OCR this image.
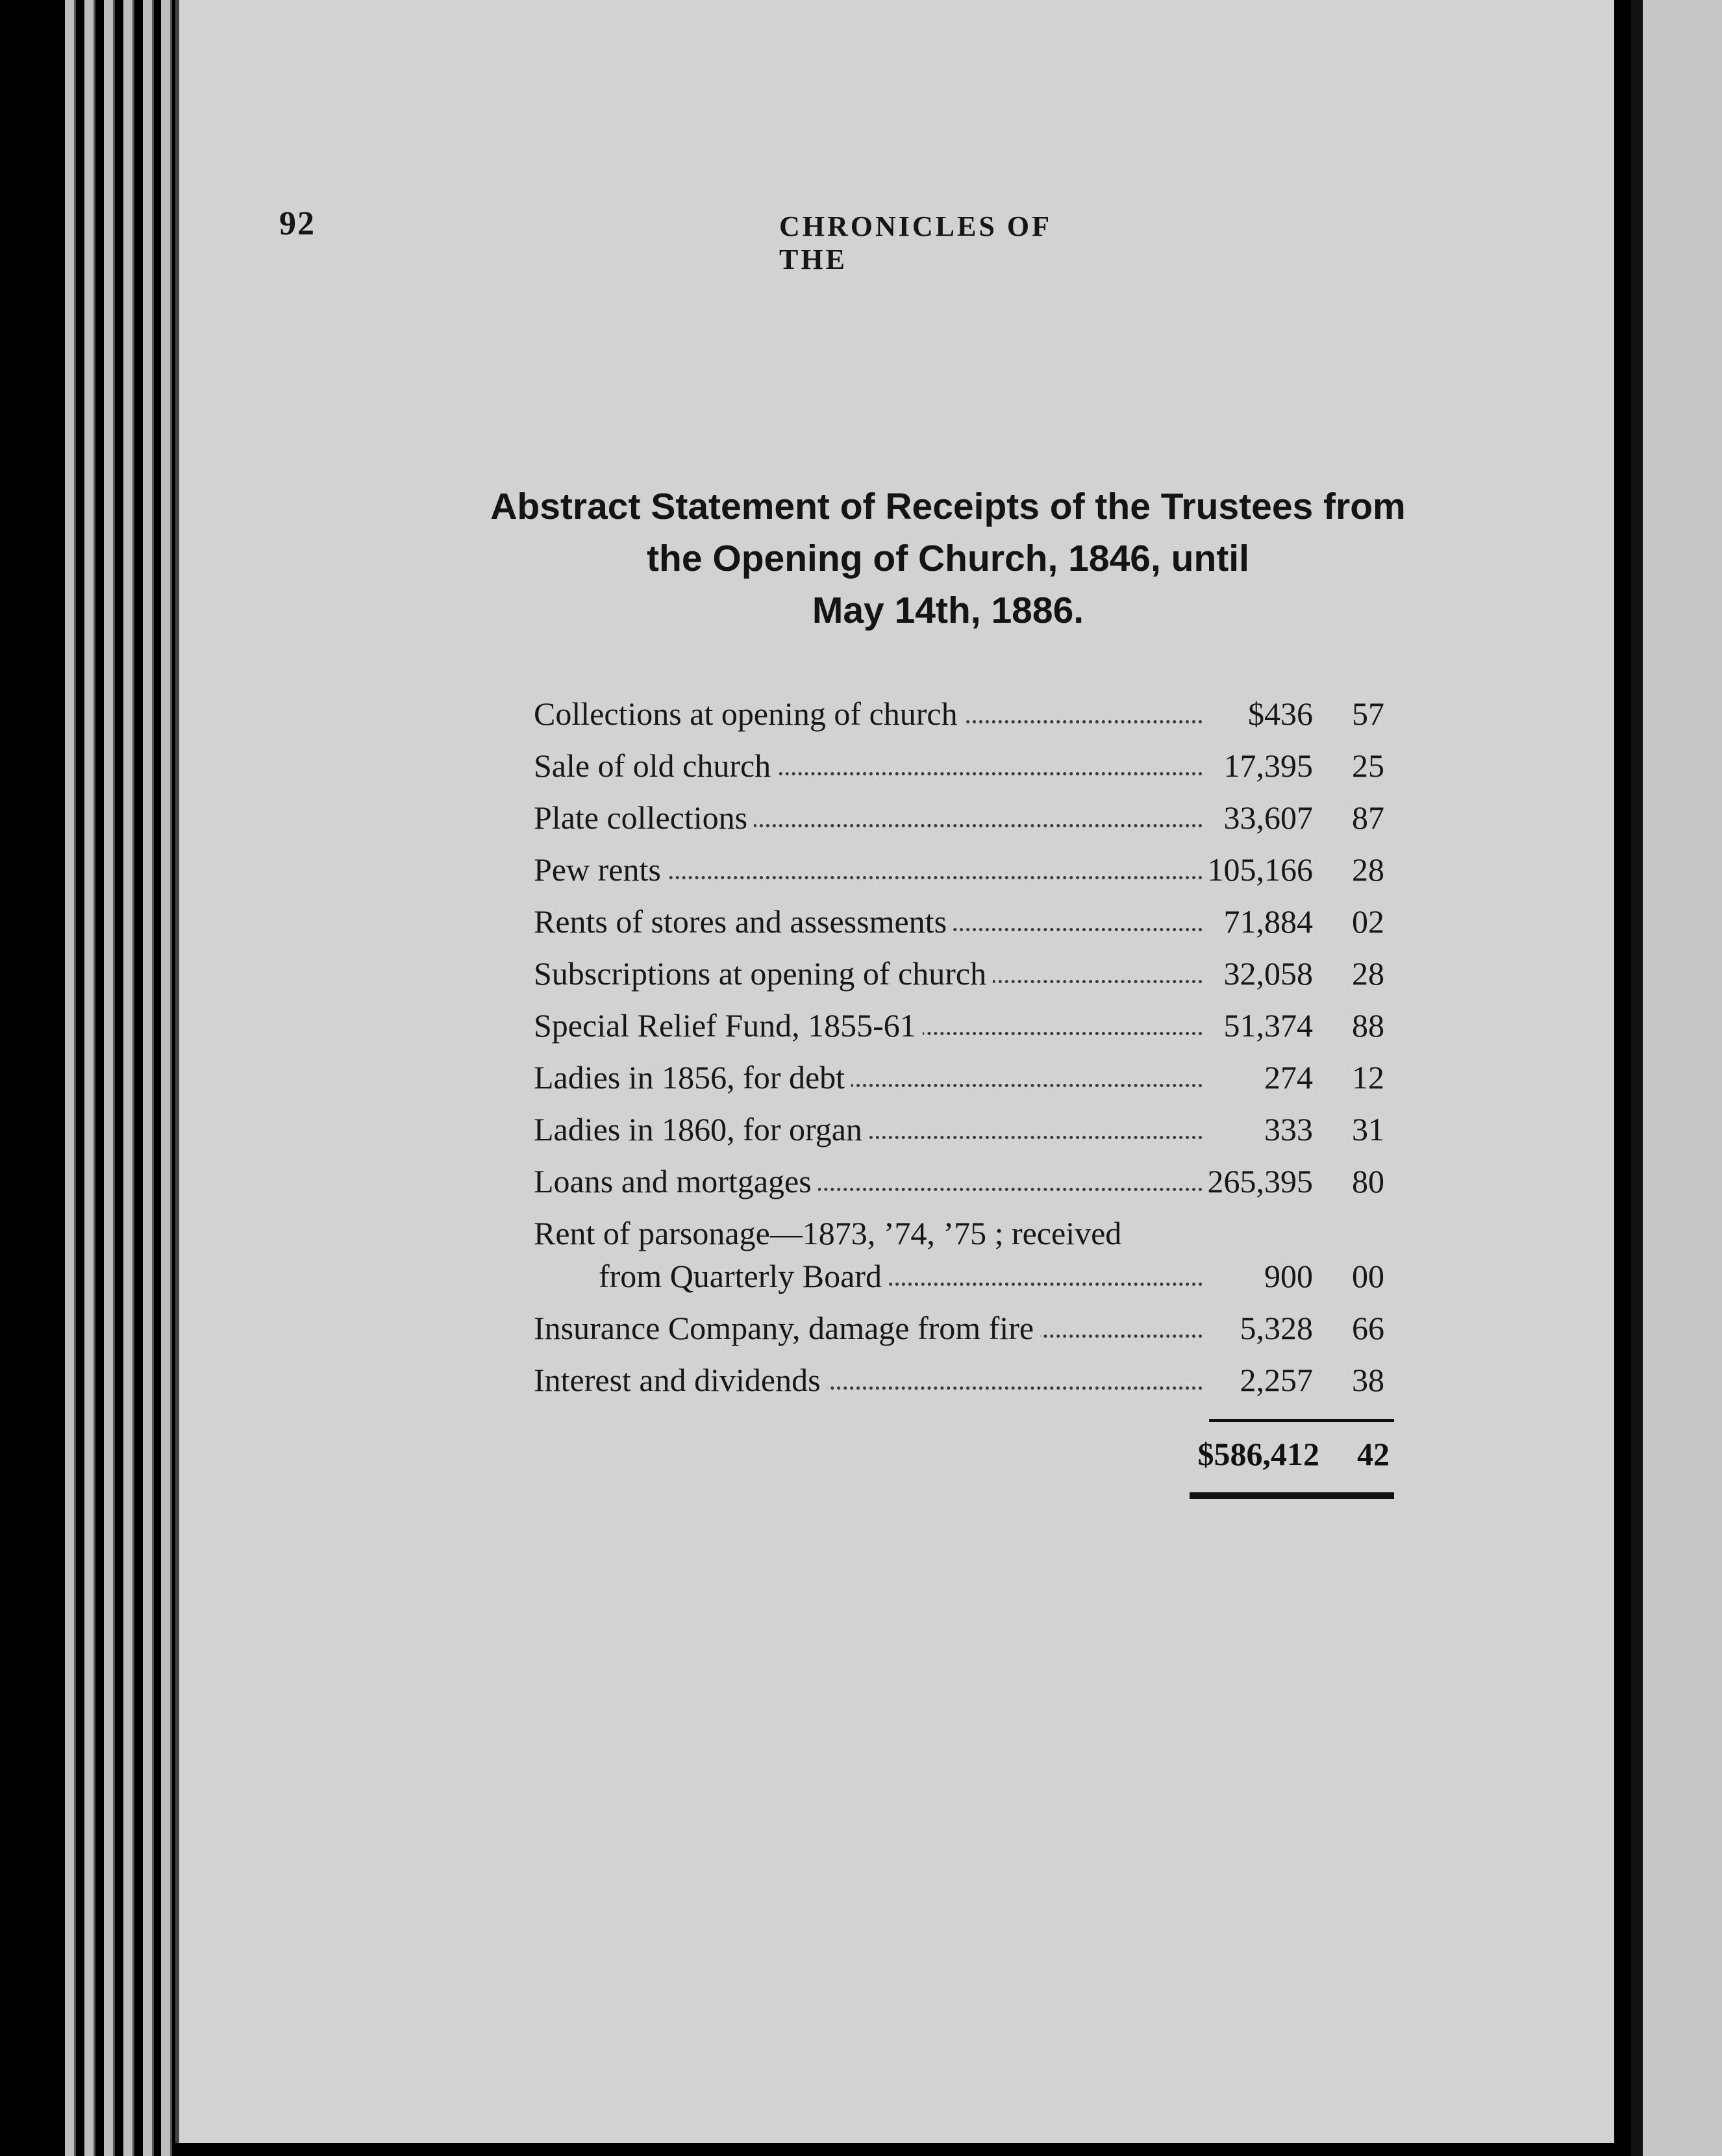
92	CHRONICLES OF THE
Abstract Statement of Receipts of the Trustees from
the Opening of Church, 1846, until
May 14th, 1886.
Collections at opening of church	$436	57
Sale of old church	17,395	25
Plate collections	33,607	87
Pew rents	105,166	28
Rents of stores and assessments	71,884	02
Subscriptions at opening of church	32,058	28
Special Relief Fund, 1855-61	51,374	88
Ladies in 1856, for debt	274	12
Ladies in 1860, for organ	333	31
Loans and mortgages	265,395	80
Rent of parsonage—1873, ’74, ’75 ; received
from Quarterly Board	900	00
Insurance Company, damage from fire	5,328	66
Interest and dividends	2,257	38
$586,412 42
